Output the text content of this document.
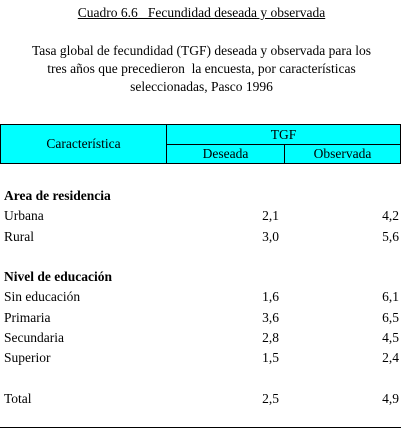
Cuadro 6.6   Fecundidad deseada y observada
Tasa global de fecundidad (TGF) deseada y observada para los
tres años que precedieron  la encuesta, por características
seleccionadas, Pasco 1996
Característica
TGF
Deseada	Observada
Area de residencia
Urbana	2,1	4,2
Rural	3,0	5,6
Nivel de educación
Sin educación	1,6	6,1
Primaria	3,6	6,5
Secundaria	2,8	4,5
Superior	1,5	2,4
Total	2,5	4,9
